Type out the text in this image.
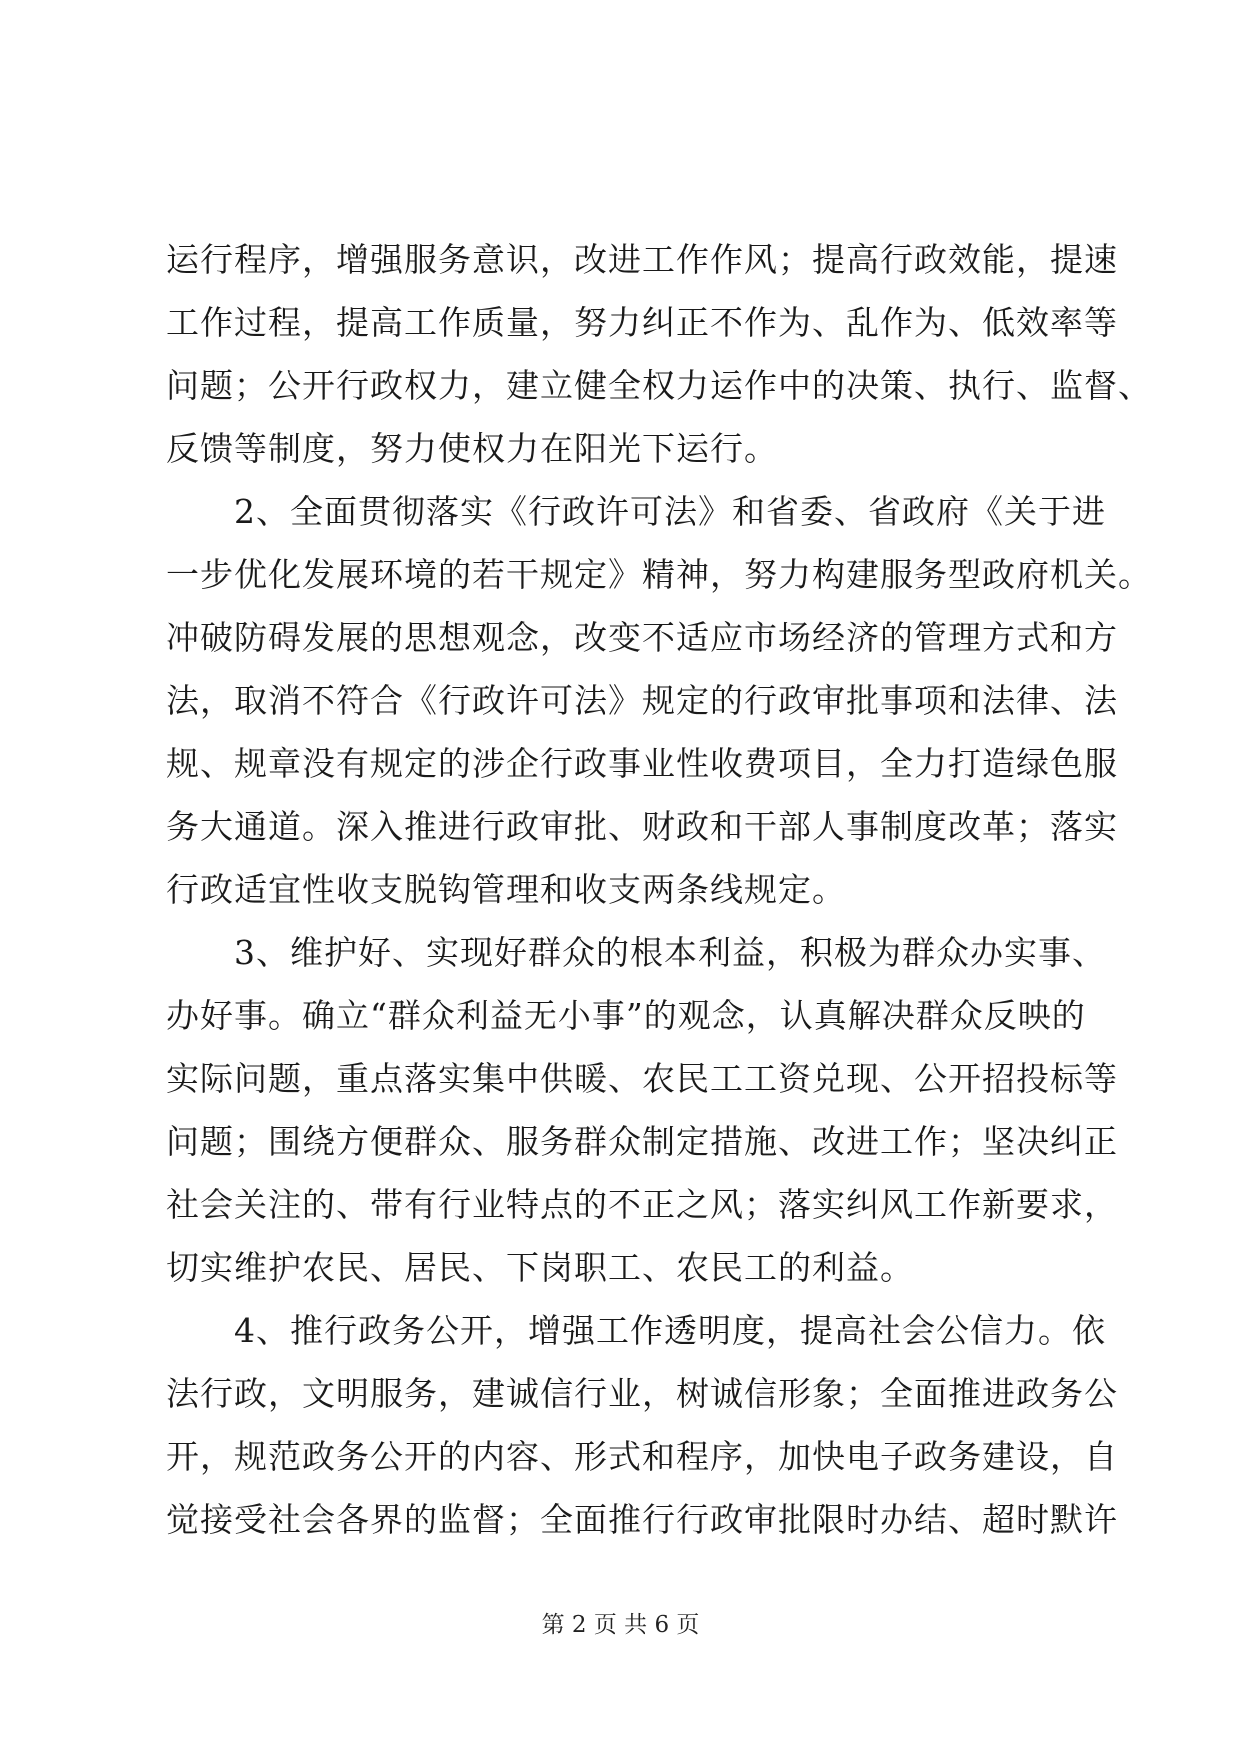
运行程序，增强服务意识，改进工作作风；提高行政效能，提速
工作过程，提高工作质量，努力纠正不作为、乱作为、低效率等
问题；公开行政权力，建立健全权力运作中的决策、执行、监督、
反馈等制度，努力使权力在阳光下运行。
　　2、全面贯彻落实《行政许可法》和省委、省政府《关于进
一步优化发展环境的若干规定》精神，努力构建服务型政府机关。
冲破防碍发展的思想观念，改变不适应市场经济的管理方式和方
法，取消不符合《行政许可法》规定的行政审批事项和法律、法
规、规章没有规定的涉企行政事业性收费项目，全力打造绿色服
务大通道。深入推进行政审批、财政和干部人事制度改革；落实
行政适宜性收支脱钩管理和收支两条线规定。
　　3、维护好、实现好群众的根本利益，积极为群众办实事、
办好事。确立“群众利益无小事”的观念，认真解决群众反映的
实际问题，重点落实集中供暖、农民工工资兑现、公开招投标等
问题；围绕方便群众、服务群众制定措施、改进工作；坚决纠正
社会关注的、带有行业特点的不正之风；落实纠风工作新要求，
切实维护农民、居民、下岗职工、农民工的利益。
　　4、推行政务公开，增强工作透明度，提高社会公信力。依
法行政，文明服务，建诚信行业，树诚信形象；全面推进政务公
开，规范政务公开的内容、形式和程序，加快电子政务建设，自
觉接受社会各界的监督；全面推行行政审批限时办结、超时默许
第 2 页 共 6 页
